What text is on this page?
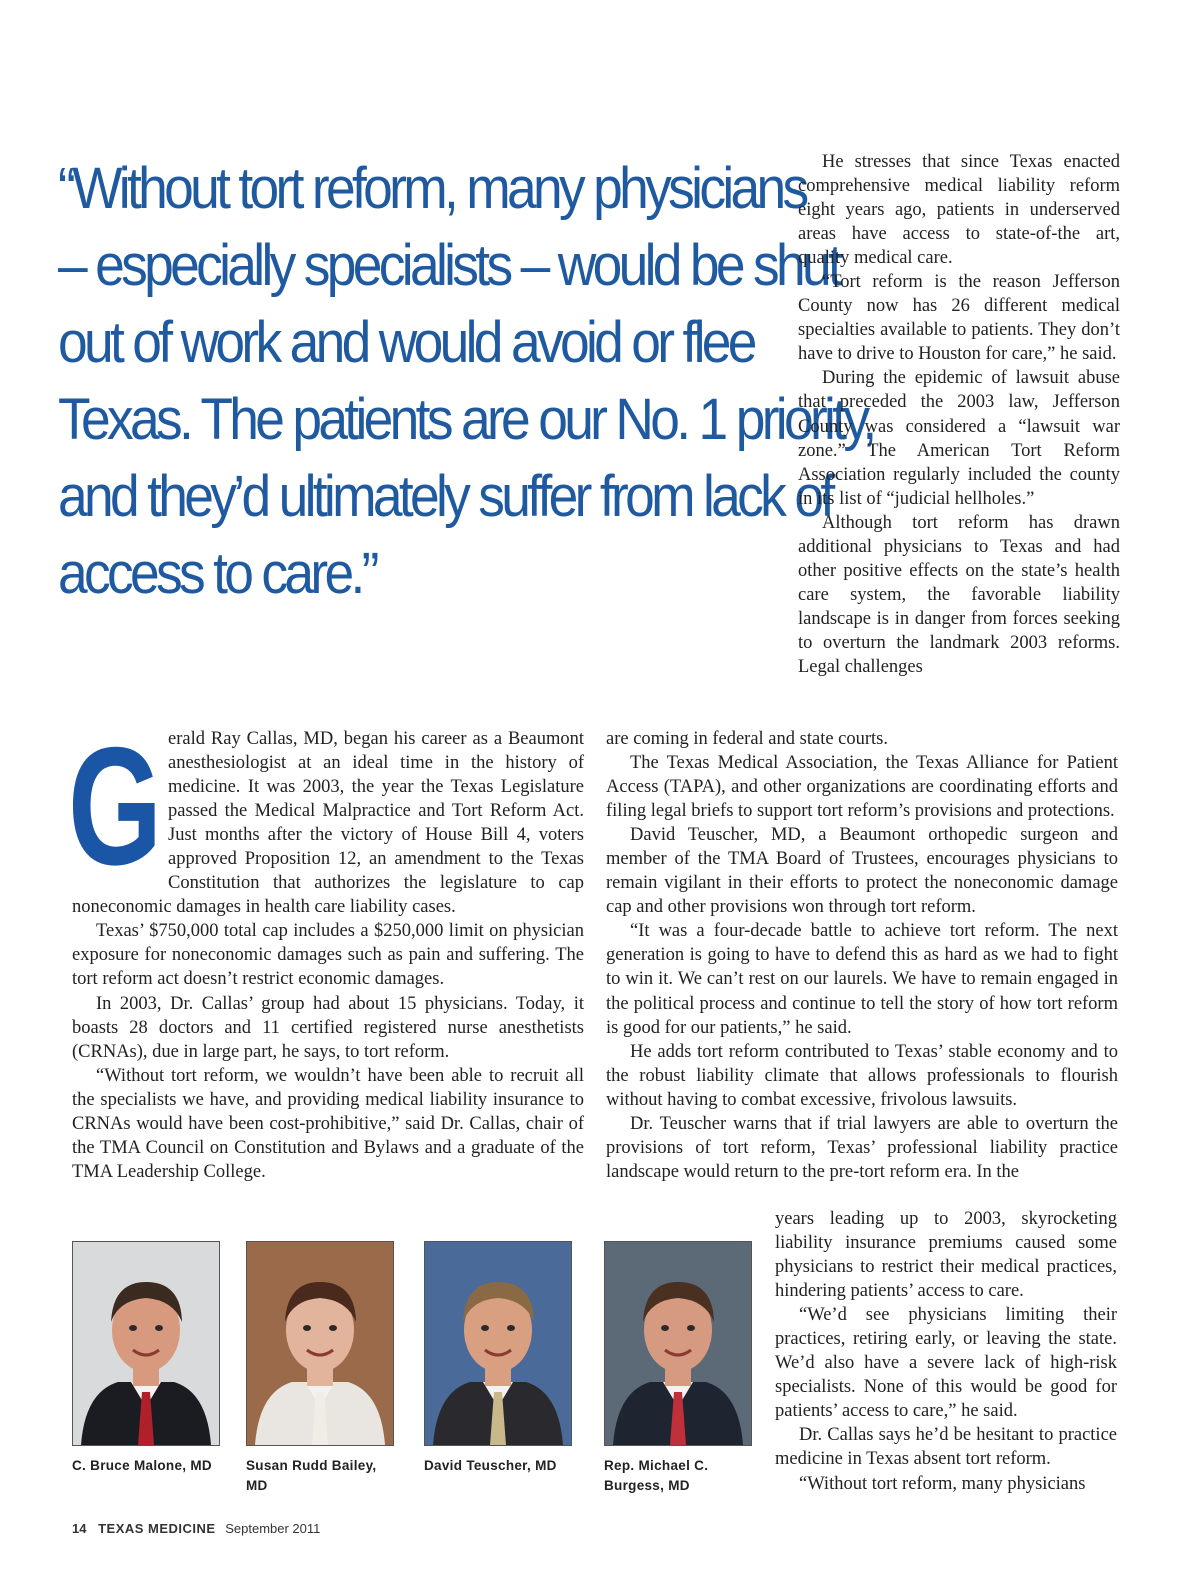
“Without tort reform, many physicians
– especially specialists – would be shut
out of work and would avoid or flee
Texas. The patients are our No. 1 priority,
and they’d ultimately suffer from lack of
access to care.”

He stresses that since Texas enacted comprehensive medical liability reform eight years ago, patients in underserved areas have access to state-of-the art, quality medical care.

“Tort reform is the reason Jefferson County now has 26 different medical specialties available to patients. They don’t have to drive to Houston for care,” he said.

During the epidemic of lawsuit abuse that preceded the 2003 law, Jefferson County was considered a “lawsuit war zone.” The American Tort Reform Association regularly included the county in its list of “judicial hellholes.”

Although tort reform has drawn additional physicians to Texas and had other positive effects on the state’s health care system, the favorable liability landscape is in danger from forces seeking to overturn the landmark 2003 reforms. Legal challenges

Gerald Ray Callas, MD, began his career as a Beaumont anesthesiologist at an ideal time in the history of medicine. It was 2003, the year the Texas Legislature passed the Medical Malpractice and Tort Reform Act. Just months after the victory of House Bill 4, voters approved Proposition 12, an amendment to the Texas Constitution that authorizes the legislature to cap noneconomic damages in health care liability cases.

Texas’ $750,000 total cap includes a $250,000 limit on physician exposure for noneconomic damages such as pain and suffering. The tort reform act doesn’t restrict economic damages.

In 2003, Dr. Callas’ group had about 15 physicians. Today, it boasts 28 doctors and 11 certified registered nurse anesthetists (CRNAs), due in large part, he says, to tort reform.

“Without tort reform, we wouldn’t have been able to recruit all the specialists we have, and providing medical liability insurance to CRNAs would have been cost-prohibitive,” said Dr. Callas, chair of the TMA Council on Constitution and Bylaws and a graduate of the TMA Leadership College.

are coming in federal and state courts.

The Texas Medical Association, the Texas Alliance for Patient Access (TAPA), and other organizations are coordinating efforts and filing legal briefs to support tort reform’s provisions and protections.

David Teuscher, MD, a Beaumont orthopedic surgeon and member of the TMA Board of Trustees, encourages physicians to remain vigilant in their efforts to protect the noneconomic damage cap and other provisions won through tort reform.

“It was a four-decade battle to achieve tort reform. The next generation is going to have to defend this as hard as we had to fight to win it. We can’t rest on our laurels. We have to remain engaged in the political process and continue to tell the story of how tort reform is good for our patients,” he said.

He adds tort reform contributed to Texas’ stable economy and to the robust liability climate that allows professionals to flourish without having to combat excessive, frivolous lawsuits.

Dr. Teuscher warns that if trial lawyers are able to overturn the provisions of tort reform, Texas’ professional liability practice landscape would return to the pre-tort reform era. In the

years leading up to 2003, skyrocketing liability insurance premiums caused some physicians to restrict their medical practices, hindering patients’ access to care.

“We’d see physicians limiting their practices, retiring early, or leaving the state. We’d also have a severe lack of high-risk specialists. None of this would be good for patients’ access to care,” he said.

Dr. Callas says he’d be hesitant to practice medicine in Texas absent tort reform.

“Without tort reform, many physicians

C. Bruce Malone, MD	Susan Rudd Bailey, MD
David Teuscher, MD	Rep. Michael C. Burgess, MD
14 TEXAS MEDICINE September 2011
